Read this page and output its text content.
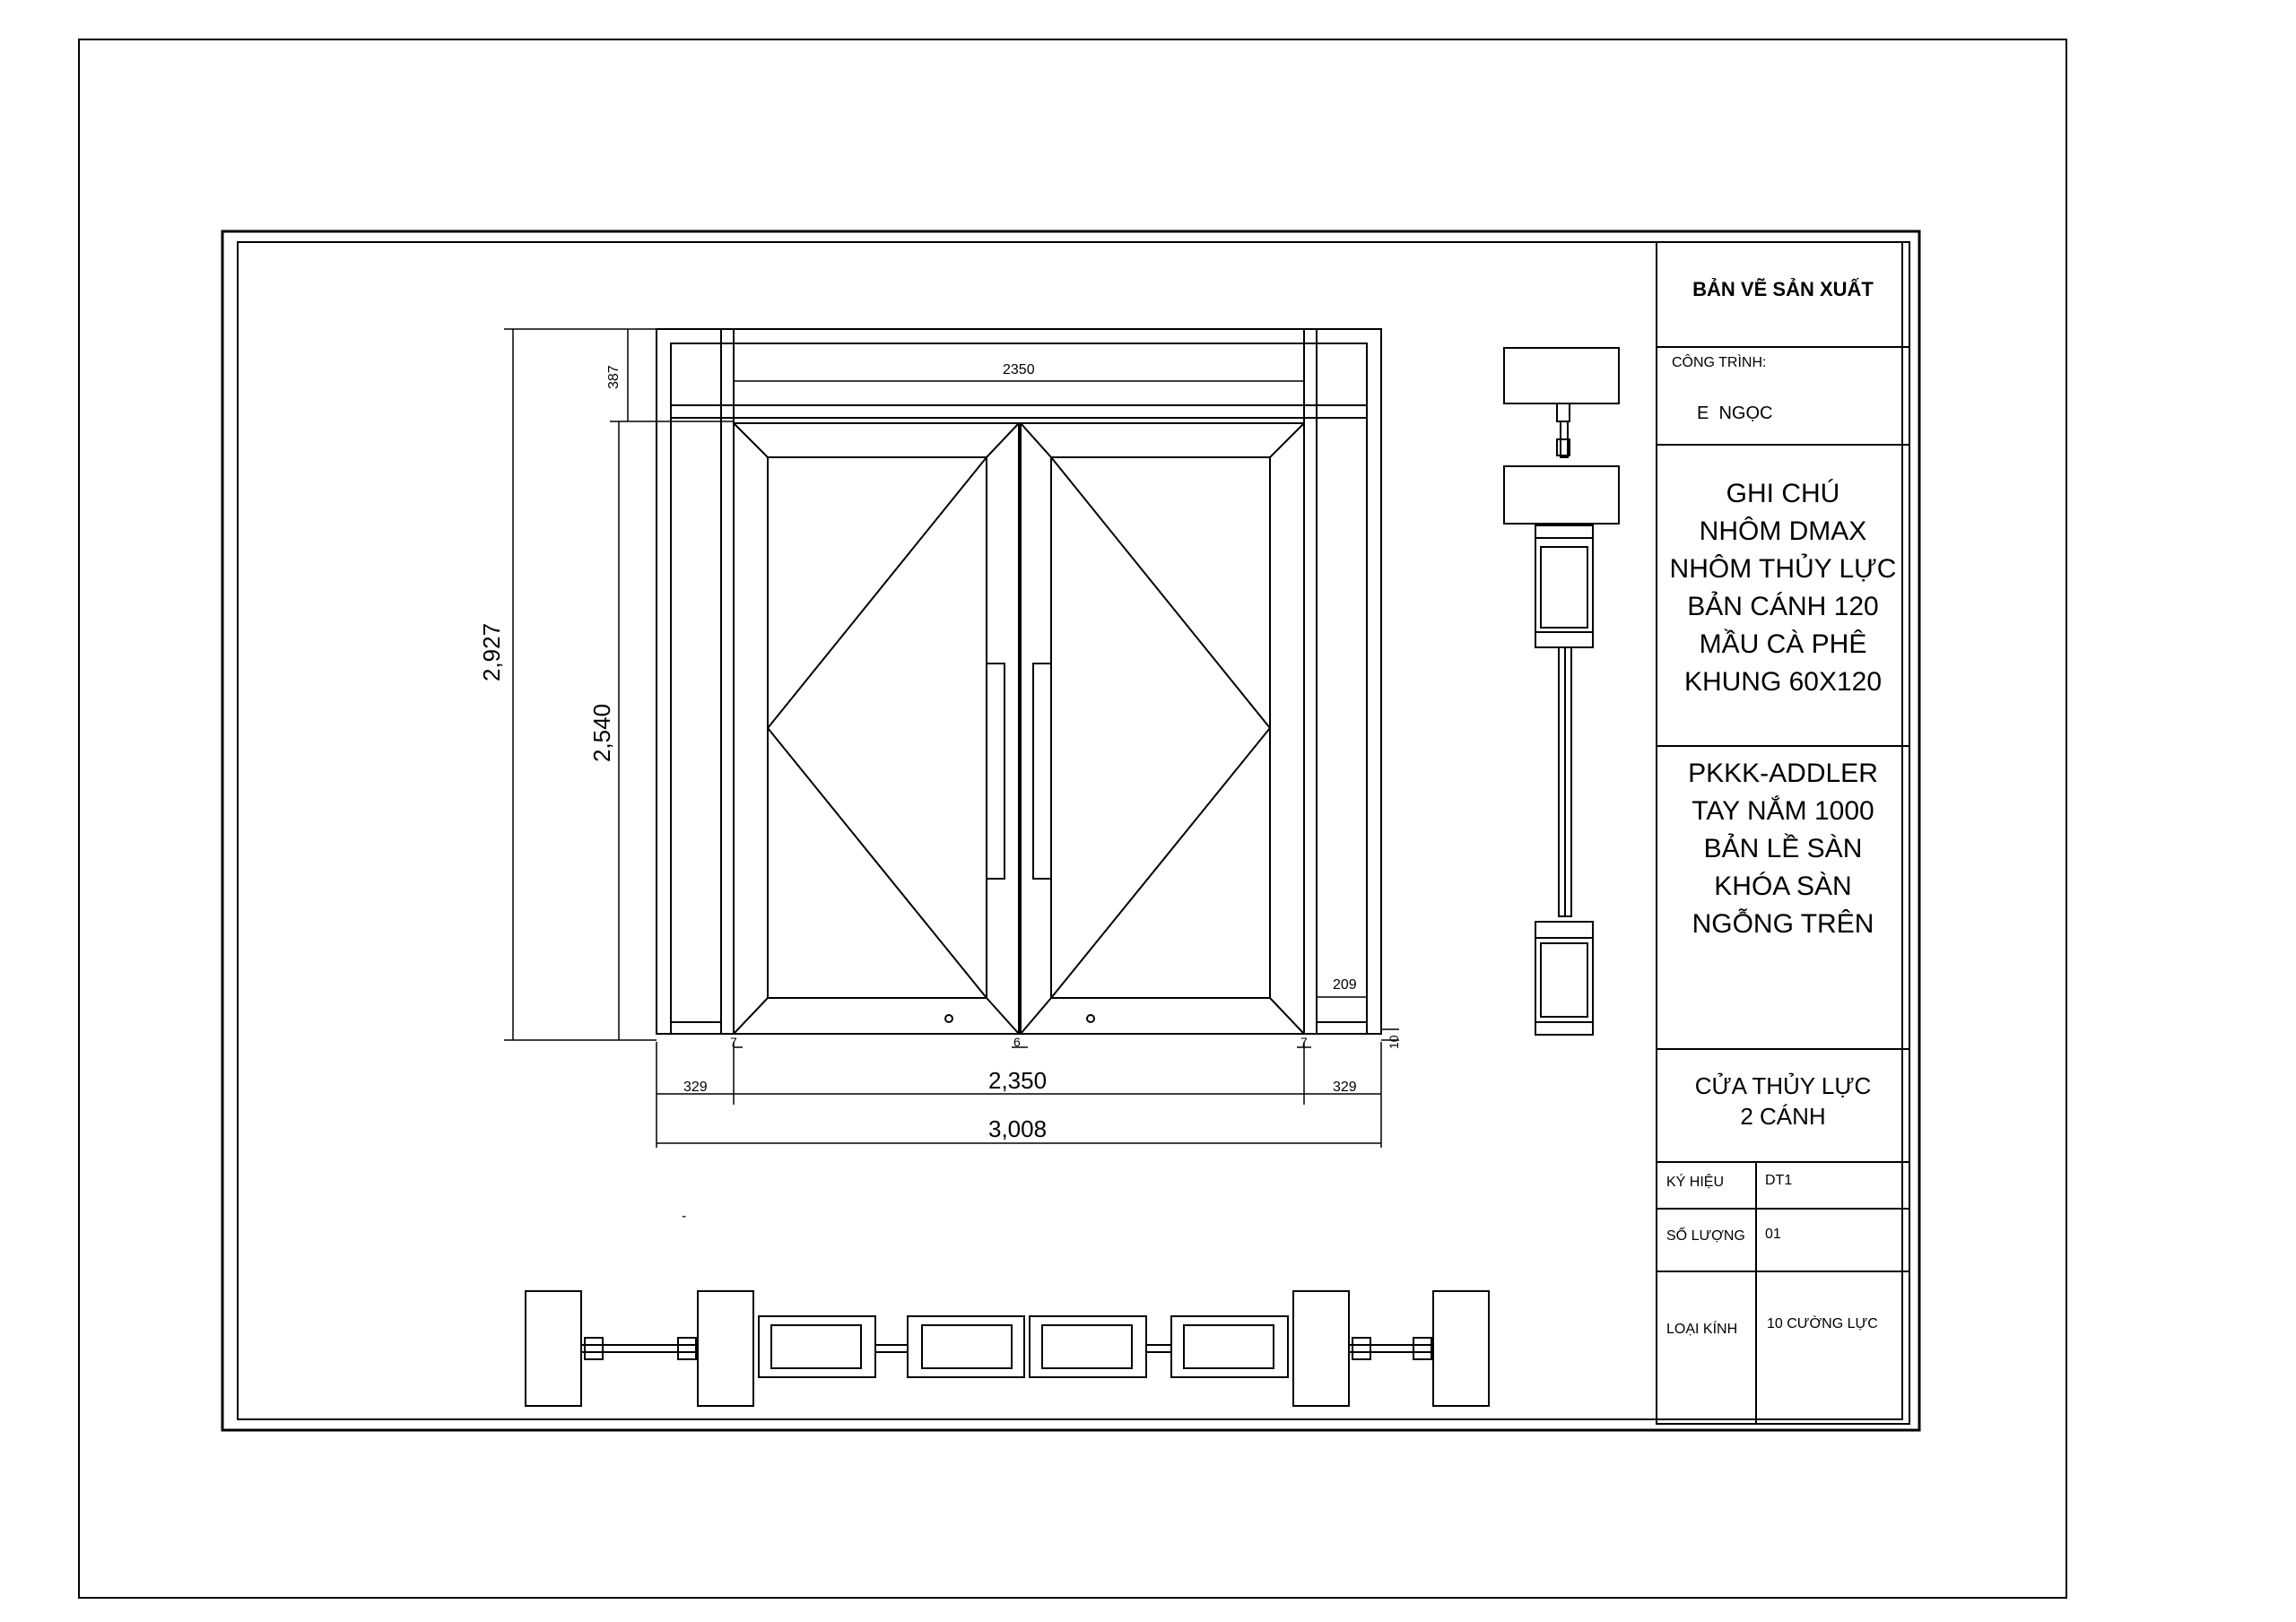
2,927
2,540
387	2350
2,350
3,008
329	329
209
6
7	7	10
-
BẢN VẼ SẢN XUẤT
CÔNG TRÌNH:
E  NGỌC
GHI CHÚ
NHÔM DMAX
NHÔM THỦY LỰC
BẢN CÁNH 120
MẦU CÀ PHÊ
KHUNG 60X120
PKKK-ADDLER
TAY NẮM 1000
BẢN LỀ SÀN
KHÓA SÀN
NGỖNG TRÊN
CỬA THỦY LỰC
2 CÁNH
KÝ HIỆU	DT1
SỐ LƯỢNG 01
LOẠI KÍNH 10 CƯỜNG LỰC
